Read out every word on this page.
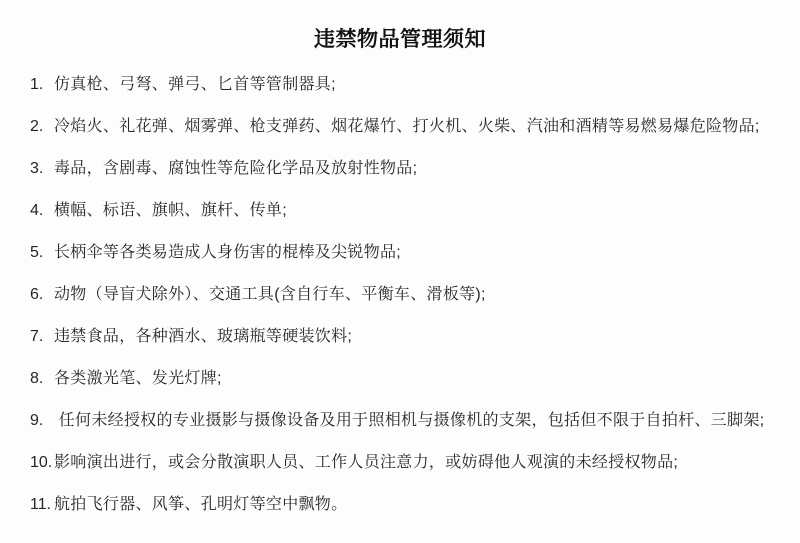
违禁物品管理须知
1. 仿真枪、弓弩、弹弓、匕首等管制器具;
2. 冷焰火、礼花弹、烟雾弹、枪支弹药、烟花爆竹、打火机、火柴、汽油和酒精等易燃易爆危险物品;
3. 毒品，含剧毒、腐蚀性等危险化学品及放射性物品;
4. 横幅、标语、旗帜、旗杆、传单;
5. 长柄伞等各类易造成人身伤害的棍棒及尖锐物品;
6. 动物（导盲犬除外）、交通工具(含自行车、平衡车、滑板等);
7. 违禁食品，各种酒水、玻璃瓶等硬装饮料;
8. 各类激光笔、发光灯牌;
9. 任何未经授权的专业摄影与摄像设备及用于照相机与摄像机的支架，包括但不限于自拍杆、三脚架;
10. 影响演出进行，或会分散演职人员、工作人员注意力，或妨碍他人观演的未经授权物品;
11. 航拍飞行器、风筝、孔明灯等空中飘物。
